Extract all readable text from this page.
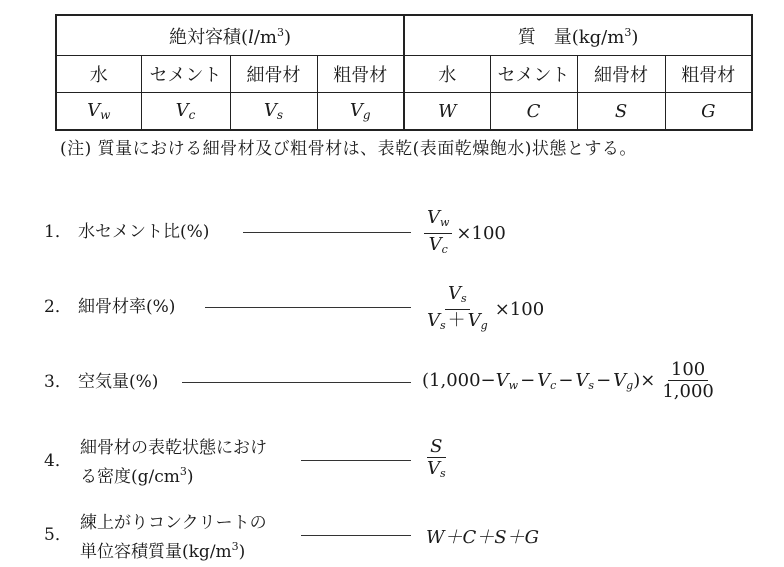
絶対容積$(l/m^3)$				質　量$(kg/m^3)$			
水	セメント	細骨材	粗骨材	水	セメント	細骨材	粗骨材
$V_w$	$V_c$	$V_s$	$V_g$	W	C	S	G
(注) 質量における細骨材及び粗骨材は、表乾(表面乾燥飽水)状態とする。
1． 水セメント比(%)	$\frac{V_w}{V_c} \times 100$
2． 細骨材率(%)	$\frac{V_s}{V_s + V_g} \times 100$
3． 空気量(%)	($1,000- V_w - V_c - V_s - V_g$ )× $\frac{100}{1,000}$
4．
細骨材の表乾状態におけ
る密度$(g/cm^3)$	$\frac{S}{V_s}$
5．
練上がりコンクリートの
単位容積質量$(kg/m^3)$
W＋C＋S＋G
